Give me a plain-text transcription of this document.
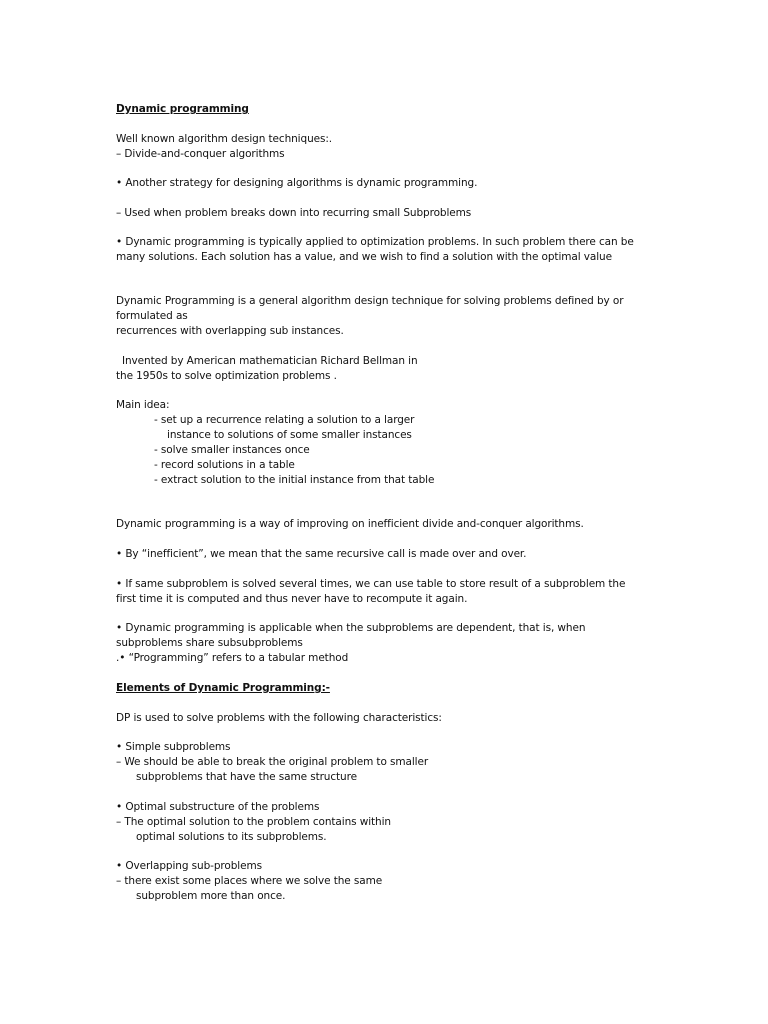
Dynamic programming
Well known algorithm design techniques:.
– Divide-and-conquer algorithms
• Another strategy for designing algorithms is dynamic programming.
– Used when problem breaks down into recurring small Subproblems
• Dynamic programming is typically applied to optimization problems. In such problem there can be
many solutions. Each solution has a value, and we wish to find a solution with the optimal value
Dynamic Programming is a general algorithm design technique for solving problems defined by or
formulated as
recurrences with overlapping sub instances.
Invented by American mathematician Richard Bellman in
the 1950s to solve optimization problems .
Main idea:
- set up a recurrence relating a solution to a larger
instance to solutions of some smaller instances
- solve smaller instances once
- record solutions in a table
- extract solution to the initial instance from that table
Dynamic programming is a way of improving on inefficient divide and-conquer algorithms.
• By “inefficient”, we mean that the same recursive call is made over and over.
• If same subproblem is solved several times, we can use table to store result of a subproblem the
first time it is computed and thus never have to recompute it again.
• Dynamic programming is applicable when the subproblems are dependent, that is, when
subproblems share subsubproblems
.• “Programming” refers to a tabular method
Elements of Dynamic Programming:-
DP is used to solve problems with the following characteristics:
• Simple subproblems
– We should be able to break the original problem to smaller
subproblems that have the same structure
• Optimal substructure of the problems
– The optimal solution to the problem contains within
optimal solutions to its subproblems.
• Overlapping sub-problems
– there exist some places where we solve the same
subproblem more than once.
